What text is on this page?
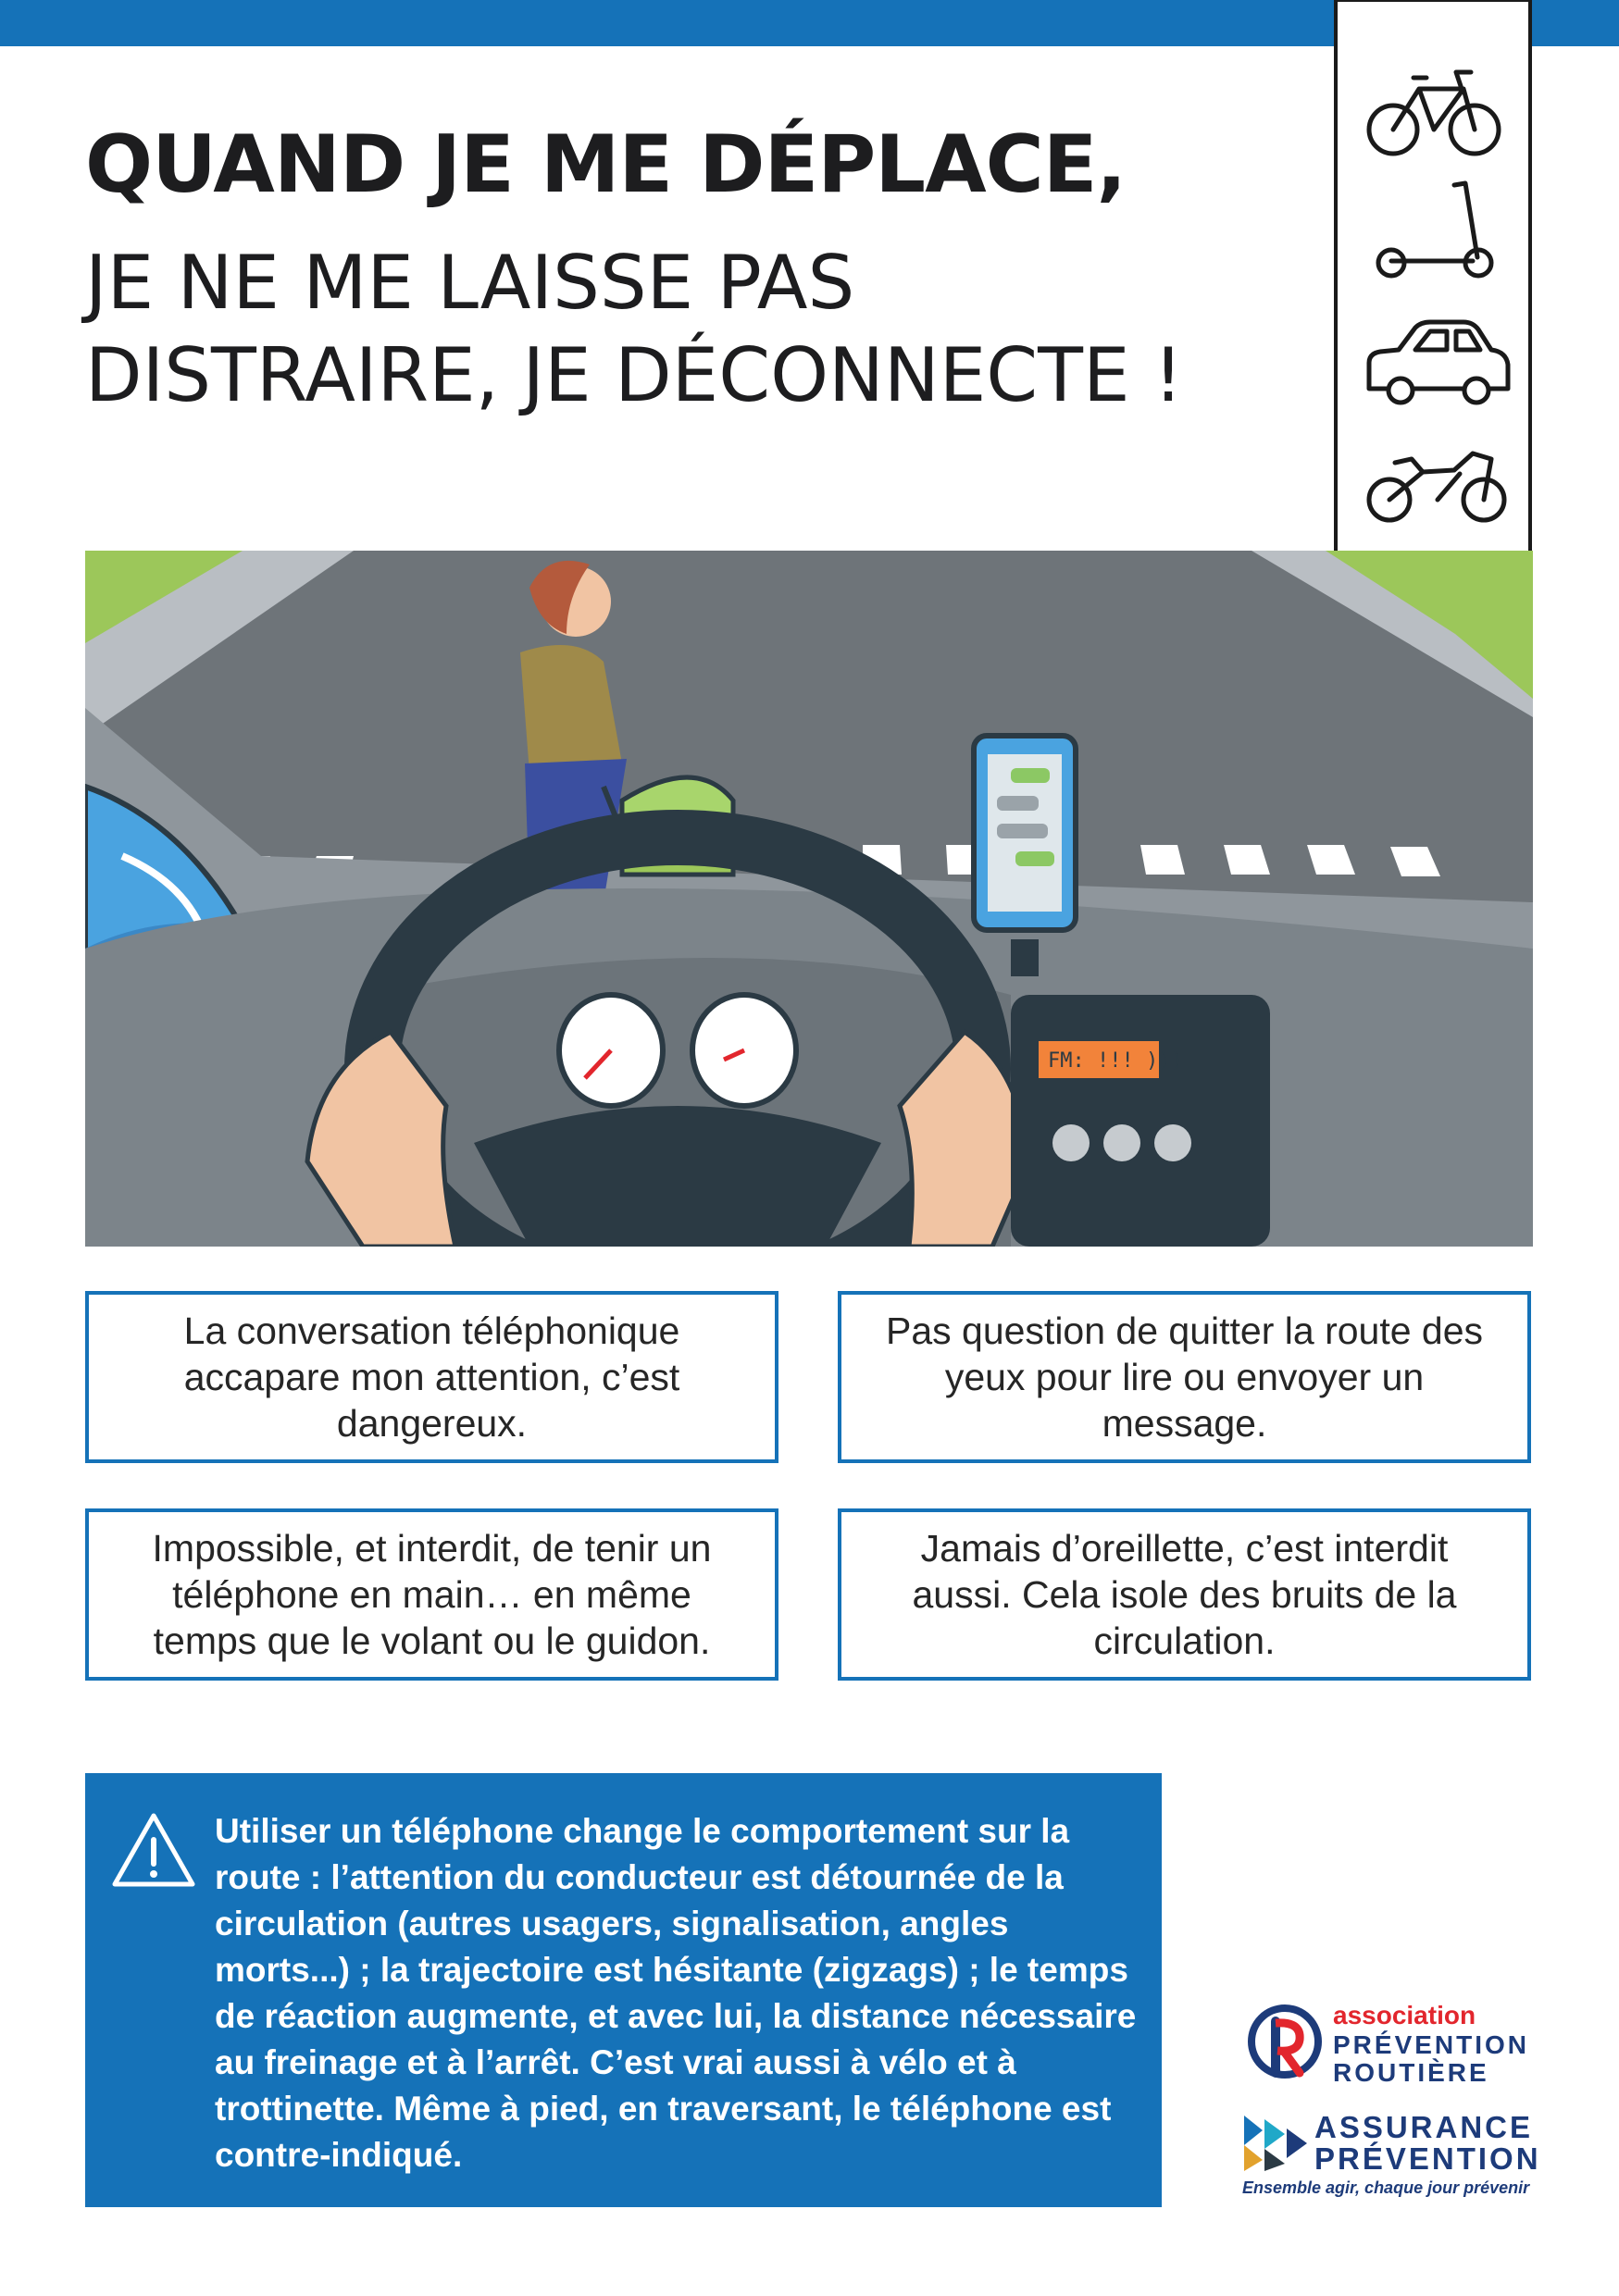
QUAND JE ME DÉPLACE,
JE NE ME LAISSE PAS
DISTRAIRE, JE DÉCONNECTE !
FM: !!! )))
La conversation téléphonique accapare mon attention, c’est dangereux.
Pas question de quitter la route des yeux pour lire ou envoyer un message.
Impossible, et interdit, de tenir un téléphone en main… en même temps que le volant ou le guidon.
Jamais d’oreillette, c’est interdit aussi. Cela isole des bruits de la circulation.
Utiliser un téléphone change le comportement sur la route : l’attention du conducteur est détournée de la circulation (autres usagers, signalisation, angles morts...) ; la trajectoire est hésitante (zigzags) ; le temps de réaction augmente, et avec lui, la distance nécessaire au freinage et à l’arrêt. C’est vrai aussi à vélo et à trottinette. Même à pied, en traversant, le téléphone est contre-indiqué.
association
PRÉVENTION
ROUTIÈRE
ASSURANCE
PRÉVENTION
Ensemble agir, chaque jour prévenir
